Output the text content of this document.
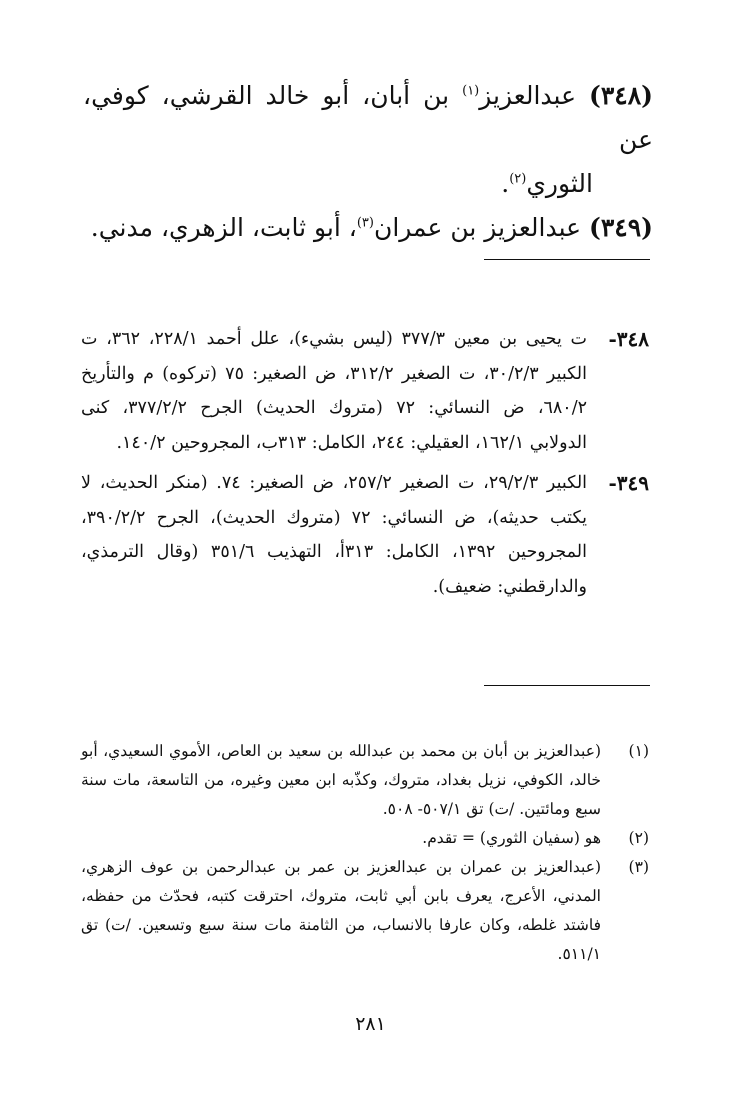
(٣٤٨) عبدالعزيز$^{(١)}$ بن أبان، أبو خالد القرشي، كوفي، عن
الثوري$^{(٢)}$.
(٣٤٩) عبدالعزيز بن عمران$^{(٣)}$، أبو ثابت، الزهري، مدني.
٣٤٨-
ت يحيى بن معين ٣٧٧/٣ (ليس بشيء)، علل أحمد ٢٢٨/١، ٣٦٢، ت الكبير ٣٠/٢/٣، ت الصغير ٣١٢/٢، ض الصغير: ٧٥ (تركوه) م والتأريخ ٦٨٠/٢، ض النسائي: ٧٢ (متروك الحديث) الجرح ٣٧٧/٢/٢، كنى الدولابي ١٦٢/١، العقيلي: ٢٤٤، الكامل: ٣١٣ب، المجروحين ١٤٠/٢.
٣٤٩-
الكبير ٢٩/٢/٣، ت الصغير ٢٥٧/٢، ض الصغير: ٧٤. (منكر الحديث، لا يكتب حديثه)، ض النسائي: ٧٢ (متروك الحديث)، الجرح ٣٩٠/٢/٢، المجروحين ١٣٩٢، الكامل: ٣١٣أ، التهذيب ٣٥١/٦ (وقال الترمذي، والدارقطني: ضعيف).
(١)
(عبدالعزيز بن أبان بن محمد بن عبدالله بن سعيد بن العاص، الأموي السعيدي، أبو خالد، الكوفي، نزيل بغداد، متروك، وكذّبه ابن معين وغيره، من التاسعة، مات سنة سبع ومائتين. /ت) تق ٥٠٧/١- ٥٠٨.
(٢)
هو (سفيان الثوري) = تقدم.
(٣)
(عبدالعزيز بن عمران بن عبدالعزيز بن عمر بن عبدالرحمن بن عوف الزهري، المدني، الأعرج، يعرف بابن أبي ثابت، متروك، احترقت كتبه، فحدّث من حفظه، فاشتد غلطه، وكان عارفا بالانساب، من الثامنة مات سنة سبع وتسعين. /ت) تق ٥١١/١.
٢٨١
